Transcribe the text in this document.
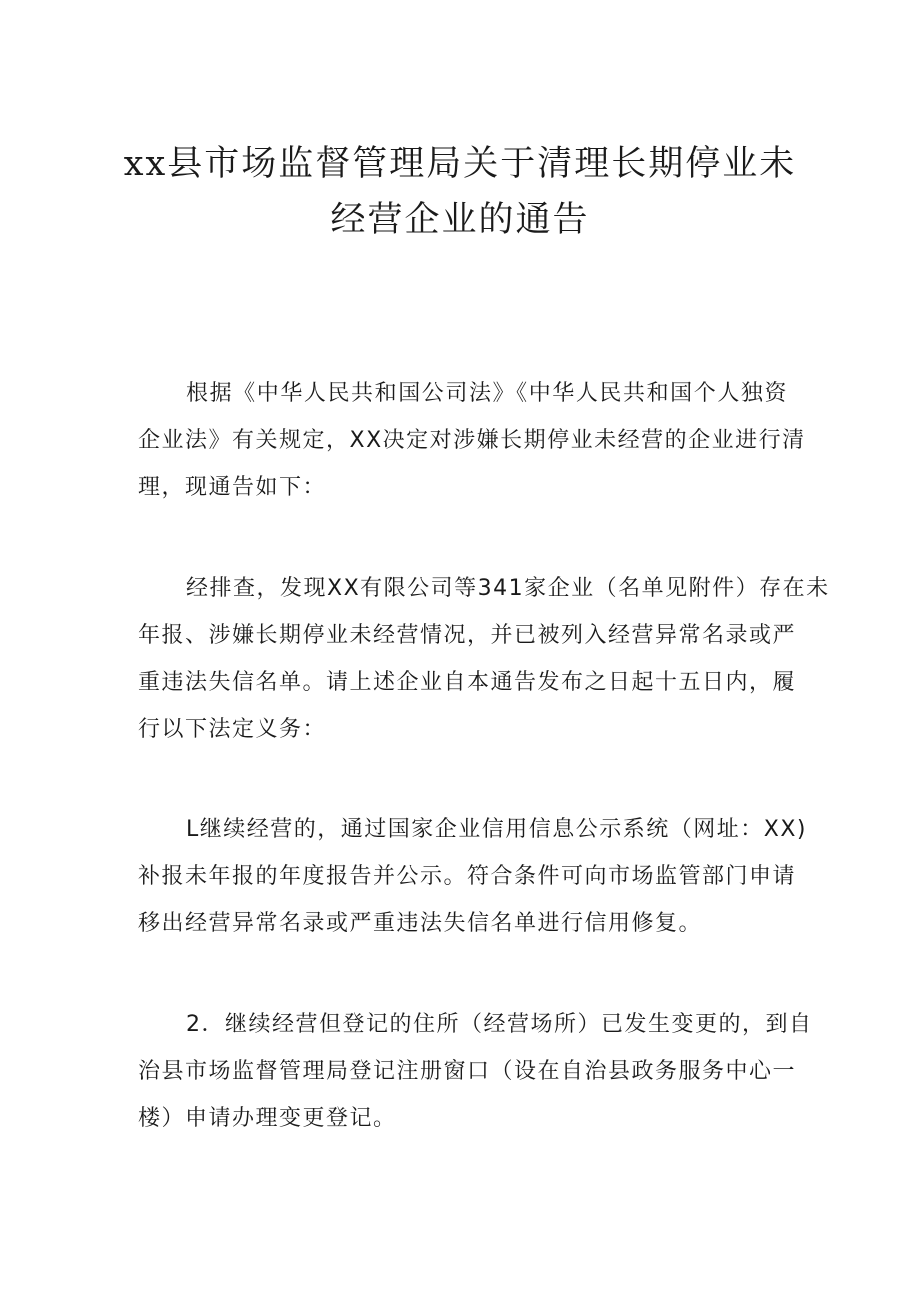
xx县市场监督管理局关于清理长期停业未
经营企业的通告
根据《中华人民共和国公司法》《中华人民共和国个人独资
企业法》有关规定，XX决定对涉嫌长期停业未经营的企业进行清
理，现通告如下：
经排查，发现XX有限公司等341家企业（名单见附件）存在未
年报、涉嫌长期停业未经营情况，并已被列入经营异常名录或严
重违法失信名单。请上述企业自本通告发布之日起十五日内，履
行以下法定义务：
L继续经营的，通过国家企业信用信息公示系统（网址：XX)
补报未年报的年度报告并公示。符合条件可向市场监管部门申请
移出经营异常名录或严重违法失信名单进行信用修复。
2．继续经营但登记的住所（经营场所）已发生变更的，到自
治县市场监督管理局登记注册窗口（设在自治县政务服务中心一
楼）申请办理变更登记。
